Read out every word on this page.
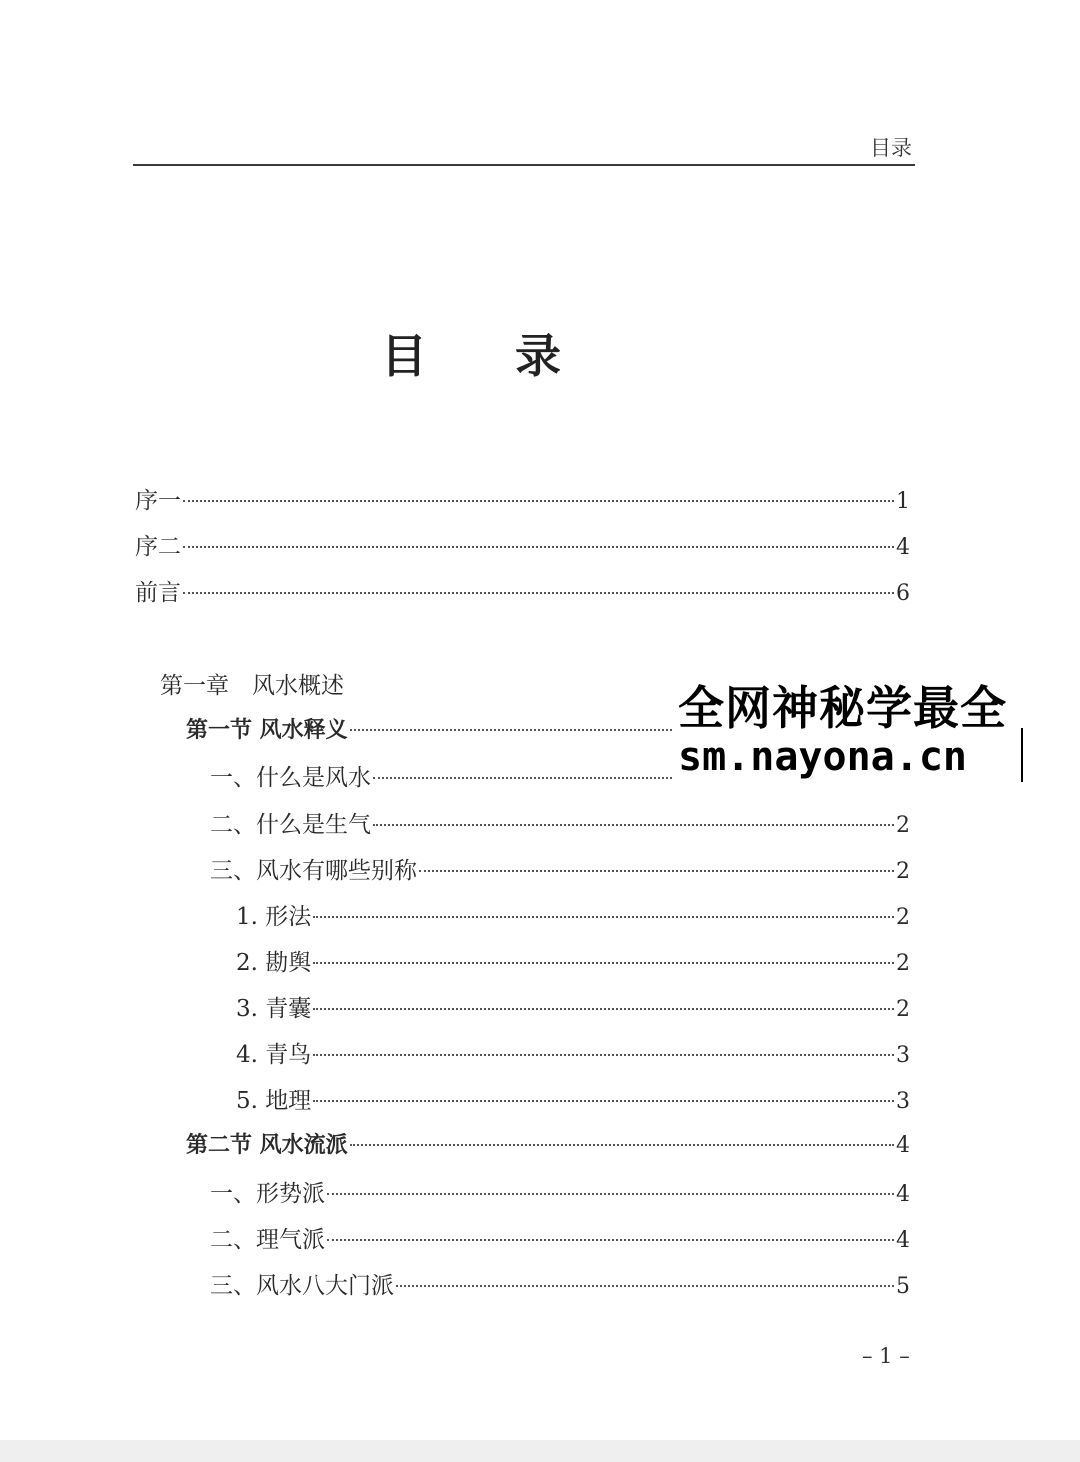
目录
目录
序一	1
序二	4
前言	6
第一章　风水概述
第一节 风水释义
一、什么是风水
二、什么是生气	2
三、风水有哪些别称	2
1. 形法	2
2. 勘舆	2
3. 青囊	2
4. 青鸟	3
5. 地理	3
第二节 风水流派	4
一、形势派	4
二、理气派	4
三、风水八大门派	5
– 1 –
全网神秘学最全
sm.nayona.cn
